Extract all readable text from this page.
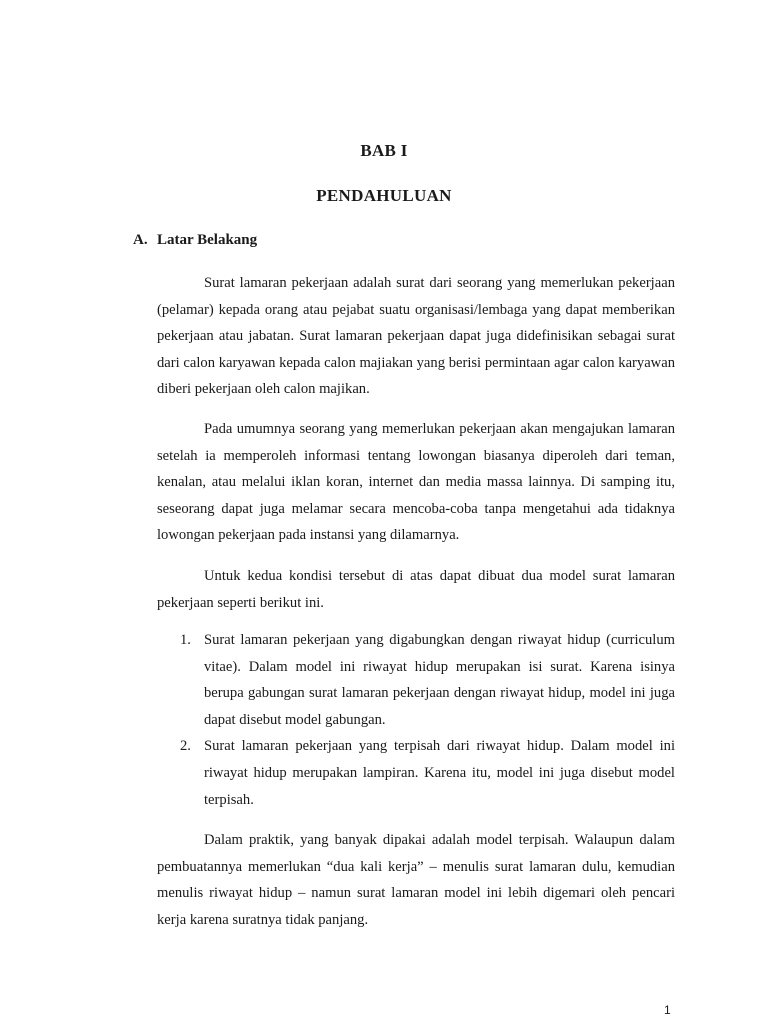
BAB I
PENDAHULUAN
A. Latar Belakang

Surat lamaran pekerjaan adalah surat dari seorang yang memerlukan pekerjaan (pelamar) kepada orang atau pejabat suatu organisasi/lembaga yang dapat memberikan pekerjaan atau jabatan. Surat lamaran pekerjaan dapat juga didefinisikan sebagai surat dari calon karyawan kepada calon majiakan yang berisi permintaan agar calon karyawan diberi pekerjaan oleh calon majikan.

Pada umumnya seorang yang memerlukan pekerjaan akan mengajukan lamaran setelah ia memperoleh informasi tentang lowongan biasanya diperoleh dari teman, kenalan, atau melalui iklan koran, internet dan media massa lainnya. Di samping itu, seseorang dapat juga melamar secara mencoba-coba tanpa mengetahui ada tidaknya lowongan pekerjaan pada instansi yang dilamarnya.

Untuk kedua kondisi tersebut di atas dapat dibuat dua model surat lamaran pekerjaan seperti berikut ini.

1. Surat lamaran pekerjaan yang digabungkan dengan riwayat hidup (curriculum vitae). Dalam model ini riwayat hidup merupakan isi surat. Karena isinya berupa gabungan surat lamaran pekerjaan dengan riwayat hidup, model ini juga dapat disebut model gabungan.
2. Surat lamaran pekerjaan yang terpisah dari riwayat hidup. Dalam model ini riwayat hidup merupakan lampiran. Karena itu, model ini juga disebut model terpisah.

Dalam praktik, yang banyak dipakai adalah model terpisah. Walaupun dalam pembuatannya memerlukan “dua kali kerja” – menulis surat lamaran dulu, kemudian menulis riwayat hidup – namun surat lamaran model ini lebih digemari oleh pencari kerja karena suratnya tidak panjang.

1
